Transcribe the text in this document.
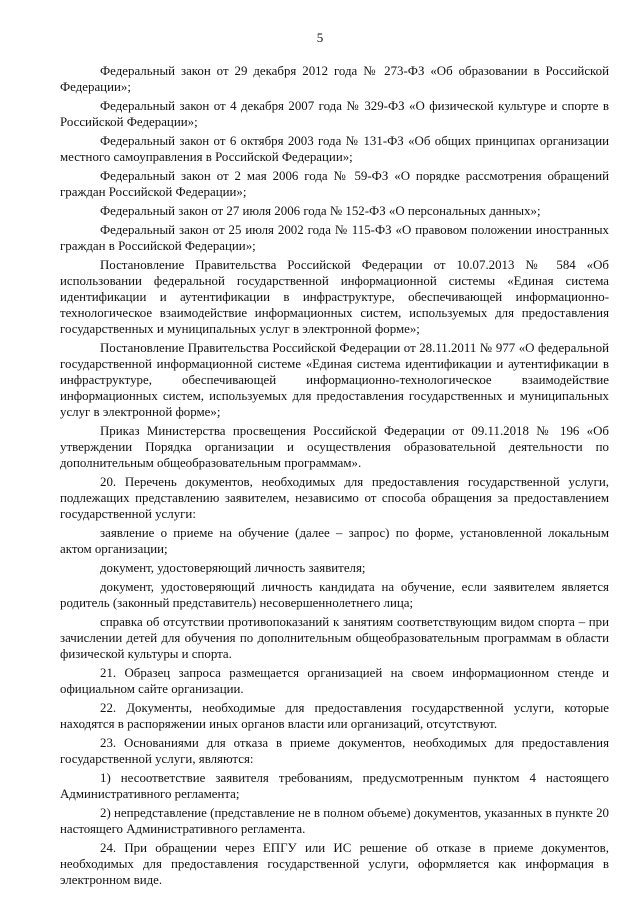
5

Федеральный закон от 29 декабря 2012 года № 273-ФЗ «Об образовании в Российской Федерации»;

Федеральный закон от 4 декабря 2007 года № 329-ФЗ «О физической культуре и спорте в Российской Федерации»;

Федеральный закон от 6 октября 2003 года № 131-ФЗ «Об общих принципах организации местного самоуправления в Российской Федерации»;

Федеральный закон от 2 мая 2006 года № 59-ФЗ «О порядке рассмотрения обращений граждан Российской Федерации»;

Федеральный закон от 27 июля 2006 года № 152-ФЗ «О персональных данных»;

Федеральный закон от 25 июля 2002 года № 115-ФЗ «О правовом положении иностранных граждан в Российской Федерации»;

Постановление Правительства Российской Федерации от 10.07.2013 № 584 «Об использовании федеральной государственной информационной системы «Единая система идентификации и аутентификации в инфраструктуре, обеспечивающей информационно-технологическое взаимодействие информационных систем, используемых для предоставления государственных и муниципальных услуг в электронной форме»;

Постановление Правительства Российской Федерации от 28.11.2011 № 977 «О федеральной государственной информационной системе «Единая система идентификации и аутентификации в инфраструктуре, обеспечивающей информационно-технологическое взаимодействие информационных систем, используемых для предоставления государственных и муниципальных услуг в электронной форме»;

Приказ Министерства просвещения Российской Федерации от 09.11.2018 № 196 «Об утверждении Порядка организации и осуществления образовательной деятельности по дополнительным общеобразовательным программам».

20. Перечень документов, необходимых для предоставления государственной услуги, подлежащих представлению заявителем, независимо от способа обращения за предоставлением государственной услуги:

заявление о приеме на обучение (далее – запрос) по форме, установленной локальным актом организации;

документ, удостоверяющий личность заявителя;

документ, удостоверяющий личность кандидата на обучение, если заявителем является родитель (законный представитель) несовершеннолетнего лица;

справка об отсутствии противопоказаний к занятиям соответствующим видом спорта – при зачислении детей для обучения по дополнительным общеобразовательным программам в области физической культуры и спорта.

21. Образец запроса размещается организацией на своем информационном стенде и официальном сайте организации.

22. Документы, необходимые для предоставления государственной услуги, которые находятся в распоряжении иных органов власти или организаций, отсутствуют.

23. Основаниями для отказа в приеме документов, необходимых для предоставления государственной услуги, являются:

1) несоответствие заявителя требованиям, предусмотренным пунктом 4 настоящего Административного регламента;

2) непредставление (представление не в полном объеме) документов, указанных в пункте 20 настоящего Административного регламента.

24. При обращении через ЕПГУ или ИС решение об отказе в приеме документов, необходимых для предоставления государственной услуги, оформляется как информация в электронном виде.
